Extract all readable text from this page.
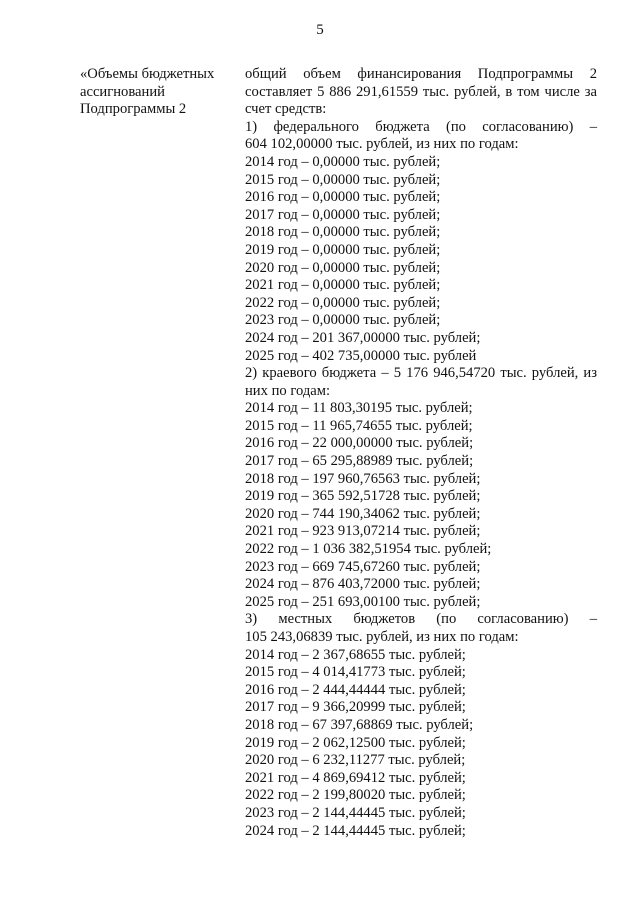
5
«Объемы бюджетных
ассигнований
Подпрограммы 2
общий объем финансирования Подпрограммы 2
составляет 5 886 291,61559 тыс. рублей, в том числе за
счет средств:
1) федерального бюджета (по согласованию) –
604 102,00000 тыс. рублей, из них по годам:
2014 год – 0,00000 тыс. рублей;
2015 год – 0,00000 тыс. рублей;
2016 год – 0,00000 тыс. рублей;
2017 год – 0,00000 тыс. рублей;
2018 год – 0,00000 тыс. рублей;
2019 год – 0,00000 тыс. рублей;
2020 год – 0,00000 тыс. рублей;
2021 год – 0,00000 тыс. рублей;
2022 год – 0,00000 тыс. рублей;
2023 год – 0,00000 тыс. рублей;
2024 год – 201 367,00000 тыс. рублей;
2025 год – 402 735,00000 тыс. рублей
2) краевого бюджета – 5 176 946,54720 тыс. рублей, из
них по годам:
2014 год – 11 803,30195 тыс. рублей;
2015 год – 11 965,74655 тыс. рублей;
2016 год – 22 000,00000 тыс. рублей;
2017 год – 65 295,88989 тыс. рублей;
2018 год – 197 960,76563 тыс. рублей;
2019 год – 365 592,51728 тыс. рублей;
2020 год – 744 190,34062 тыс. рублей;
2021 год – 923 913,07214 тыс. рублей;
2022 год – 1 036 382,51954 тыс. рублей;
2023 год – 669 745,67260 тыс. рублей;
2024 год – 876 403,72000 тыс. рублей;
2025 год – 251 693,00100 тыс. рублей;
3) местных бюджетов (по согласованию) –
105 243,06839 тыс. рублей, из них по годам:
2014 год – 2 367,68655 тыс. рублей;
2015 год – 4 014,41773 тыс. рублей;
2016 год – 2 444,44444 тыс. рублей;
2017 год – 9 366,20999 тыс. рублей;
2018 год – 67 397,68869 тыс. рублей;
2019 год – 2 062,12500 тыс. рублей;
2020 год – 6 232,11277 тыс. рублей;
2021 год – 4 869,69412 тыс. рублей;
2022 год – 2 199,80020 тыс. рублей;
2023 год – 2 144,44445 тыс. рублей;
2024 год – 2 144,44445 тыс. рублей;
